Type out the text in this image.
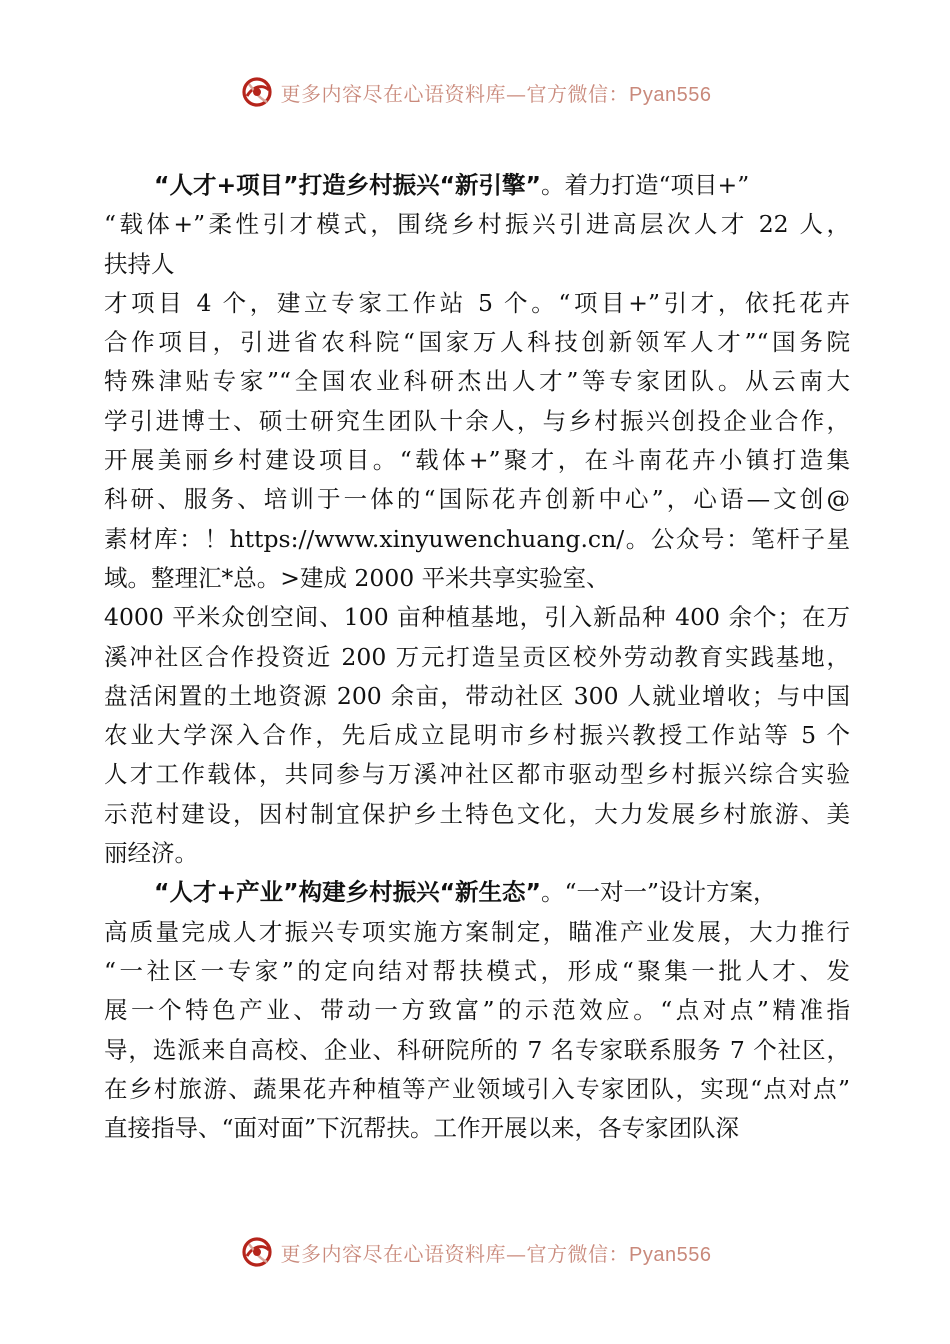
更多内容尽在心语资料库—官方微信：Pyan556
“人才+项目”打造乡村振兴“新引擎”。着力打造“项目+”
“载体+”柔性引才模式，围绕乡村振兴引进高层次人才 22 人，
扶持人
才项目 4 个，建立专家工作站 5 个。“项目+”引才，依托花卉
合作项目，引进省农科院“国家万人科技创新领军人才”“国务院
特殊津贴专家”“全国农业科研杰出人才”等专家团队。从云南大
学引进博士、硕士研究生团队十余人，与乡村振兴创投企业合作，
开展美丽乡村建设项目。“载体+”聚才，在斗南花卉小镇打造集
科研、服务、培训于一体的“国际花卉创新中心”，心语—文创@
素材库：！https://www.xinyuwenchuang.cn/。公众号：笔杆子星
域。整理汇*总。>建成 2000 平米共享实验室、
4000 平米众创空间、100 亩种植基地，引入新品种 400 余个；在万
溪冲社区合作投资近 200 万元打造呈贡区校外劳动教育实践基地，
盘活闲置的土地资源 200 余亩，带动社区 300 人就业增收；与中国
农业大学深入合作，先后成立昆明市乡村振兴教授工作站等 5 个
人才工作载体，共同参与万溪冲社区都市驱动型乡村振兴综合实验
示范村建设，因村制宜保护乡土特色文化，大力发展乡村旅游、美
丽经济。
“人才+产业”构建乡村振兴“新生态”。“一对一”设计方案，
高质量完成人才振兴专项实施方案制定，瞄准产业发展，大力推行
“一社区一专家”的定向结对帮扶模式，形成“聚集一批人才、发
展一个特色产业、带动一方致富”的示范效应。“点对点”精准指
导，选派来自高校、企业、科研院所的 7 名专家联系服务 7 个社区，
在乡村旅游、蔬果花卉种植等产业领域引入专家团队，实现“点对点”
直接指导、“面对面”下沉帮扶。工作开展以来，各专家团队深
更多内容尽在心语资料库—官方微信：Pyan556
